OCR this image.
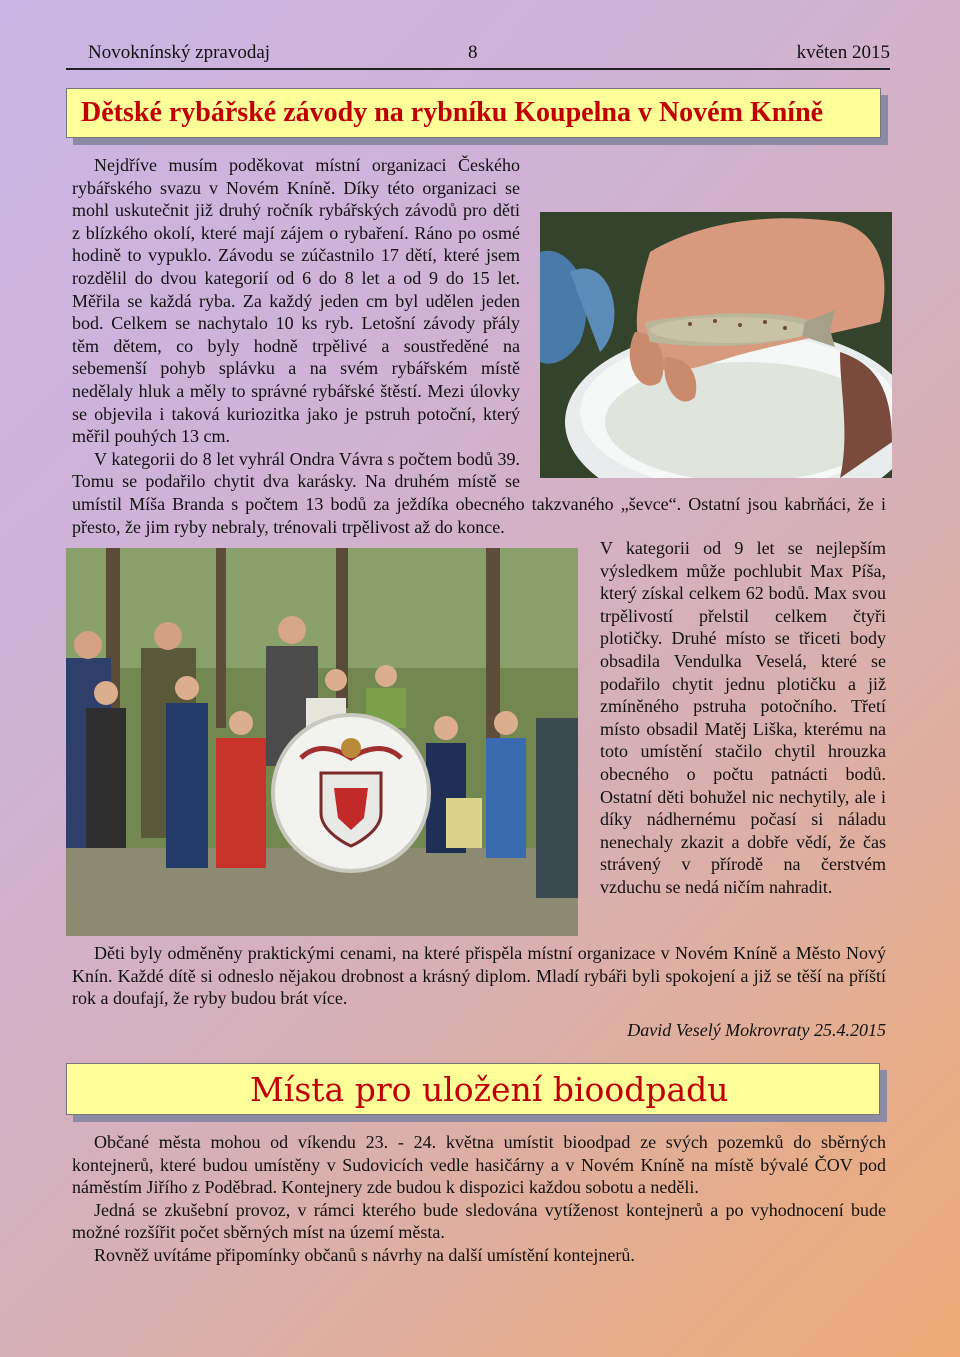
Novoknínský zpravodaj	8	květen 2015
Dětské rybářské závody na rybníku Koupelna v Novém Kníně

Nejdříve musím poděkovat místní organizaci Českého rybářského svazu v Novém Kníně. Díky této organizaci se mohl uskutečnit již druhý ročník rybářských závodů pro děti z blízkého okolí, které mají zájem o rybaření. Ráno po osmé hodině to vypuklo. Závodu se zúčastnilo 17 dětí, které jsem rozdělil do dvou kategorií od 6 do 8 let a od 9 do 15 let. Měřila se každá ryba. Za každý jeden cm byl udělen jeden bod. Celkem se nachytalo 10 ks ryb. Letošní závody přály těm dětem, co byly hodně trpělivé a soustředěné na sebemenší pohyb splávku a na svém rybářském místě nedělaly hluk a měly to správné rybářské štěstí. Mezi úlovky se objevila i taková kuriozitka jako je pstruh potoční, který měřil pouhých 13 cm.

V kategorii do 8 let vyhrál Ondra Vávra s počtem bodů 39. Tomu se podařilo chytit dva karásky. Na druhém místě se umístil Míša Branda s počtem 13 bodů za ježdíka obecného takzvaného „ševce“. Ostatní jsou kabrňáci, že i přesto, že jim ryby nebraly, trénovali trpělivost až do konce.

V kategorii od 9 let se nejlepším výsledkem může pochlubit Max Píša, který získal celkem 62 bodů. Max svou trpělivostí přelstil celkem čtyři plotičky. Druhé místo se třiceti body obsadila Vendulka Veselá, které se podařilo chytit jednu plotičku a již zmíněného pstruha potočního. Třetí místo obsadil Matěj Liška, kterému na toto umístění stačilo chytil hrouzka obecného o počtu patnácti bodů. Ostatní děti bohužel nic nechytily, ale i díky nádhernému počasí si náladu nenechaly zkazit a dobře vědí, že čas strávený v přírodě na čerstvém vzduchu se nedá ničím nahradit.

Děti byly odměněny praktickými cenami, na které přispěla místní organizace v Novém Kníně a Město Nový Knín. Každé dítě si odneslo nějakou drobnost a krásný diplom. Mladí rybáři byli spokojení a již se těší na příští rok a doufají, že ryby budou brát více.

David Veselý Mokrovraty 25.4.2015
Místa pro uložení bioodpadu

Občané města mohou od víkendu 23. - 24. května umístit bioodpad ze svých pozemků do sběrných kontejnerů, které budou umístěny v Sudovicích vedle hasičárny a v Novém Kníně na místě bývalé ČOV pod náměstím Jiřího z Poděbrad. Kontejnery zde budou k dispozici každou sobotu a neděli.

Jedná se zkušební provoz, v rámci kterého bude sledována vytíženost kontejnerů a po vyhodnocení bude možné rozšířit počet sběrných míst na území města.

Rovněž uvítáme připomínky občanů s návrhy na další umístění kontejnerů.
